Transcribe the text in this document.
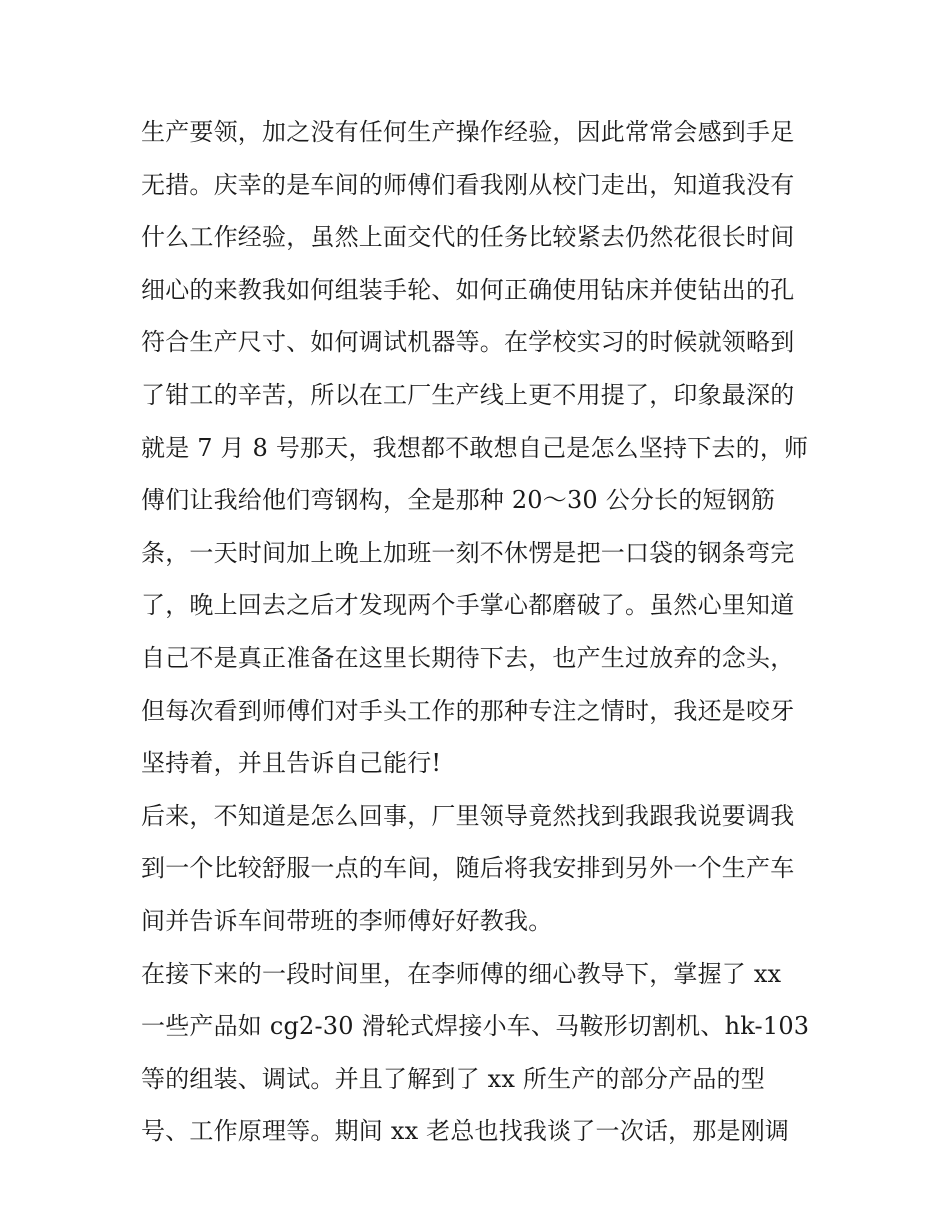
生产要领，加之没有任何生产操作经验，因此常常会感到手足
无措。庆幸的是车间的师傅们看我刚从校门走出，知道我没有
什么工作经验，虽然上面交代的任务比较紧去仍然花很长时间
细心的来教我如何组装手轮、如何正确使用钻床并使钻出的孔
符合生产尺寸、如何调试机器等。在学校实习的时候就领略到
了钳工的辛苦，所以在工厂生产线上更不用提了，印象最深的
就是 7 月 8 号那天，我想都不敢想自己是怎么坚持下去的，师
傅们让我给他们弯钢构，全是那种 20～30 公分长的短钢筋
条，一天时间加上晚上加班一刻不休愣是把一口袋的钢条弯完
了，晚上回去之后才发现两个手掌心都磨破了。虽然心里知道
自己不是真正准备在这里长期待下去，也产生过放弃的念头，
但每次看到师傅们对手头工作的那种专注之情时，我还是咬牙
坚持着，并且告诉自己能行!
后来，不知道是怎么回事，厂里领导竟然找到我跟我说要调我
到一个比较舒服一点的车间，随后将我安排到另外一个生产车
间并告诉车间带班的李师傅好好教我。
在接下来的一段时间里，在李师傅的细心教导下，掌握了 xx
一些产品如 cg2-30 滑轮式焊接小车、马鞍形切割机、hk-103
等的组装、调试。并且了解到了 xx 所生产的部分产品的型
号、工作原理等。期间 xx 老总也找我谈了一次话，那是刚调
